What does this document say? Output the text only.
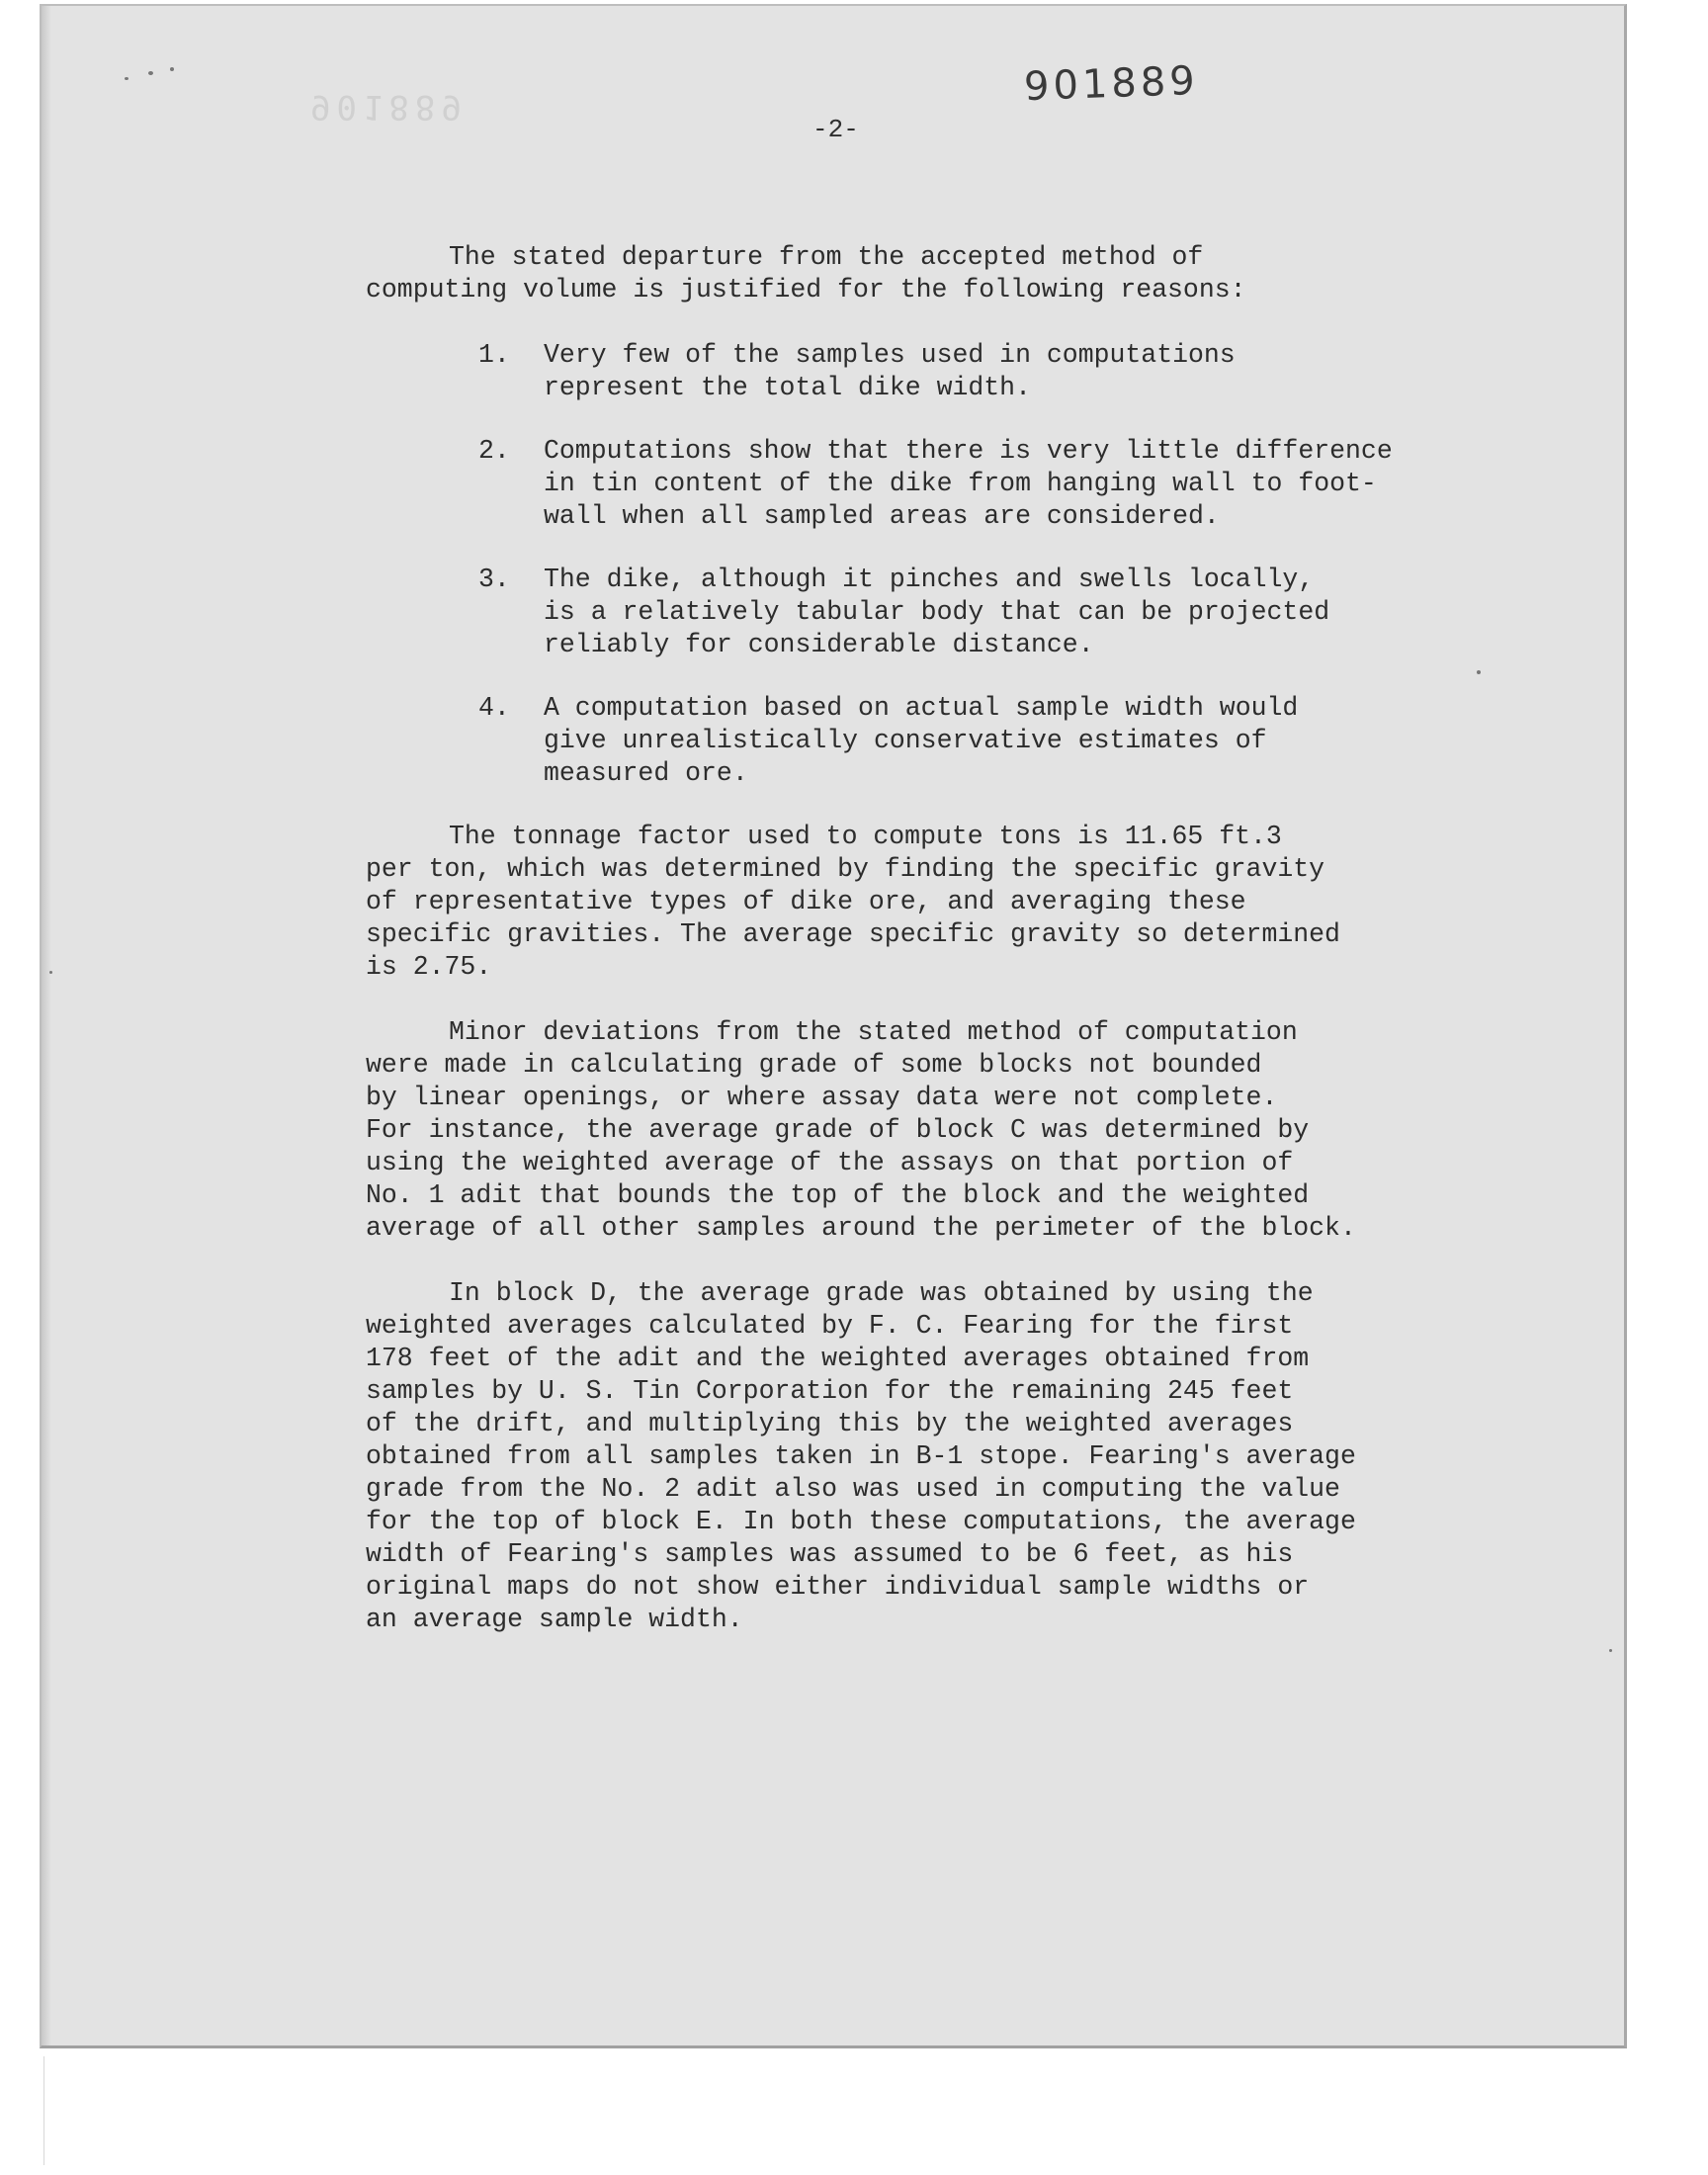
901889	901889
-2-

The stated departure from the accepted method of
computing volume is justified for the following reasons:

1.	Very few of the samples used in computations
represent the total dike width.
2.	Computations show that there is very little difference
in tin content of the dike from hanging wall to foot-
wall when all sampled areas are considered.
3.	The dike, although it pinches and swells locally,
is a relatively tabular body that can be projected
reliably for considerable distance.
4.	A computation based on actual sample width would
give unrealistically conservative estimates of
measured ore.

The tonnage factor used to compute tons is 11.65 ft.3
per ton, which was determined by finding the specific gravity
of representative types of dike ore, and averaging these
specific gravities. The average specific gravity so determined
is 2.75.

Minor deviations from the stated method of computation
were made in calculating grade of some blocks not bounded
by linear openings, or where assay data were not complete.
For instance, the average grade of block C was determined by
using the weighted average of the assays on that portion of
No. 1 adit that bounds the top of the block and the weighted
average of all other samples around the perimeter of the block.

In block D, the average grade was obtained by using the
weighted averages calculated by F. C. Fearing for the first
178 feet of the adit and the weighted averages obtained from
samples by U. S. Tin Corporation for the remaining 245 feet
of the drift, and multiplying this by the weighted averages
obtained from all samples taken in B-1 stope. Fearing's average
grade from the No. 2 adit also was used in computing the value
for the top of block E. In both these computations, the average
width of Fearing's samples was assumed to be 6 feet, as his
original maps do not show either individual sample widths or
an average sample width.
